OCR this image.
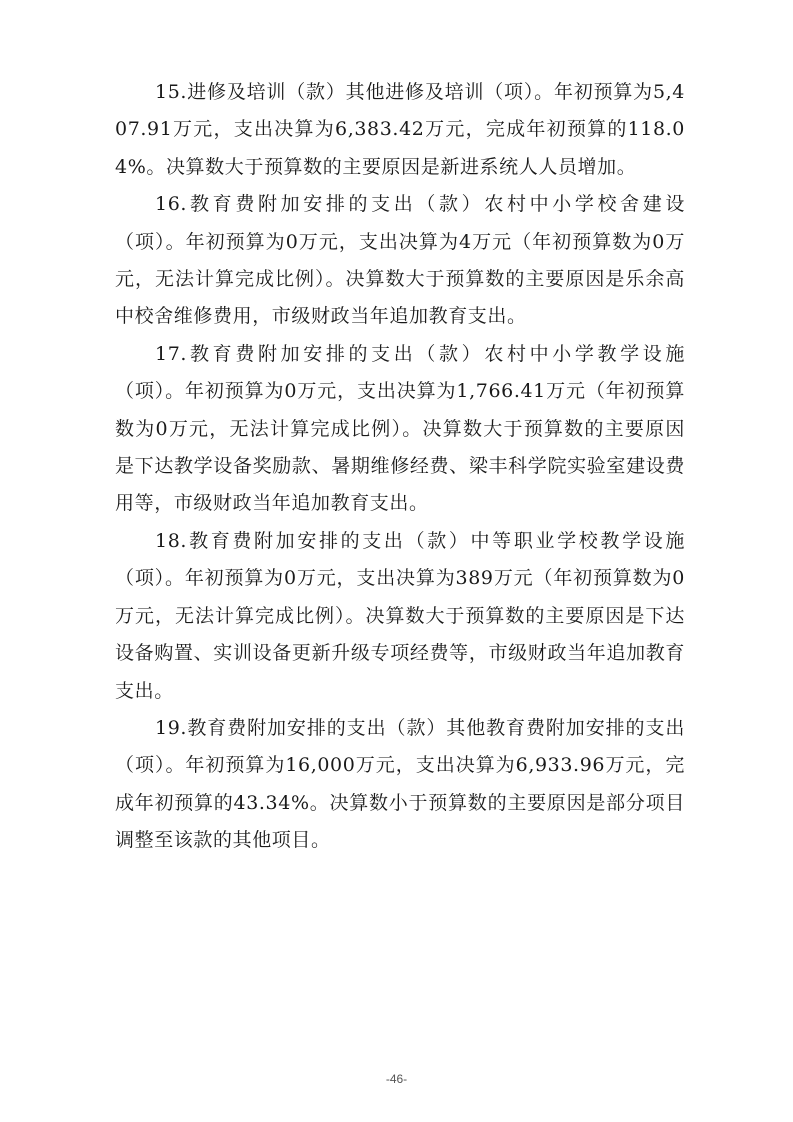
15.进修及培训（款）其他进修及培训（项）。年初预算为5,407.91万元，支出决算为6,383.42万元，完成年初预算的118.04%。决算数大于预算数的主要原因是新进系统人人员增加。

16.教育费附加安排的支出（款）农村中小学校舍建设（项）。年初预算为0万元，支出决算为4万元（年初预算数为0万元，无法计算完成比例）。决算数大于预算数的主要原因是乐余高中校舍维修费用，市级财政当年追加教育支出。

17.教育费附加安排的支出（款）农村中小学教学设施（项）。年初预算为0万元，支出决算为1,766.41万元（年初预算数为0万元，无法计算完成比例）。决算数大于预算数的主要原因是下达教学设备奖励款、暑期维修经费、梁丰科学院实验室建设费用等，市级财政当年追加教育支出。

18.教育费附加安排的支出（款）中等职业学校教学设施（项）。年初预算为0万元，支出决算为389万元（年初预算数为0万元，无法计算完成比例）。决算数大于预算数的主要原因是下达设备购置、实训设备更新升级专项经费等，市级财政当年追加教育支出。

19.教育费附加安排的支出（款）其他教育费附加安排的支出（项）。年初预算为16,000万元，支出决算为6,933.96万元，完成年初预算的43.34%。决算数小于预算数的主要原因是部分项目调整至该款的其他项目。

-46-
